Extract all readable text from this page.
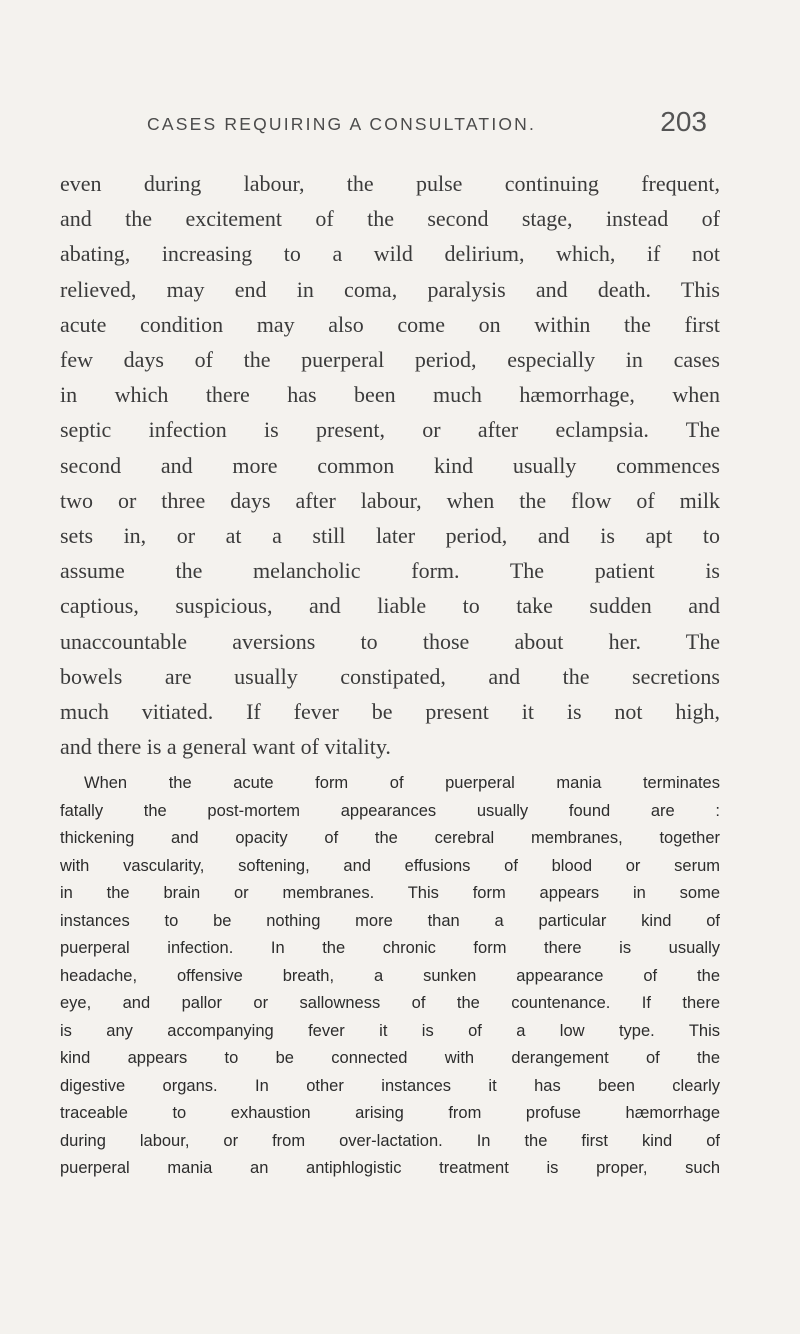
CASES REQUIRING A CONSULTATION.	203
even during labour, the pulse continuing frequent,
and the excitement of the second stage, instead of
abating, increasing to a wild delirium, which, if not
relieved, may end in coma, paralysis and death. This
acute condition may also come on within the first
few days of the puerperal period, especially in cases
in which there has been much hæmorrhage, when
septic infection is present, or after eclampsia. The
second and more common kind usually commences
two or three days after labour, when the flow of milk
sets in, or at a still later period, and is apt to
assume the melancholic form. The patient is
captious, suspicious, and liable to take sudden and
unaccountable aversions to those about her. The
bowels are usually constipated, and the secretions
much vitiated. If fever be present it is not high,
and there is a general want of vitality.
When the acute form of puerperal mania terminates
fatally the post-mortem appearances usually found are :
thickening and opacity of the cerebral membranes, together
with vascularity, softening, and effusions of blood or serum
in the brain or membranes. This form appears in some
instances to be nothing more than a particular kind of
puerperal infection. In the chronic form there is usually
headache, offensive breath, a sunken appearance of the
eye, and pallor or sallowness of the countenance. If there
is any accompanying fever it is of a low type. This
kind appears to be connected with derangement of the
digestive organs. In other instances it has been clearly
traceable to exhaustion arising from profuse hæmorrhage
during labour, or from over-lactation. In the first kind of
puerperal mania an antiphlogistic treatment is proper, such
